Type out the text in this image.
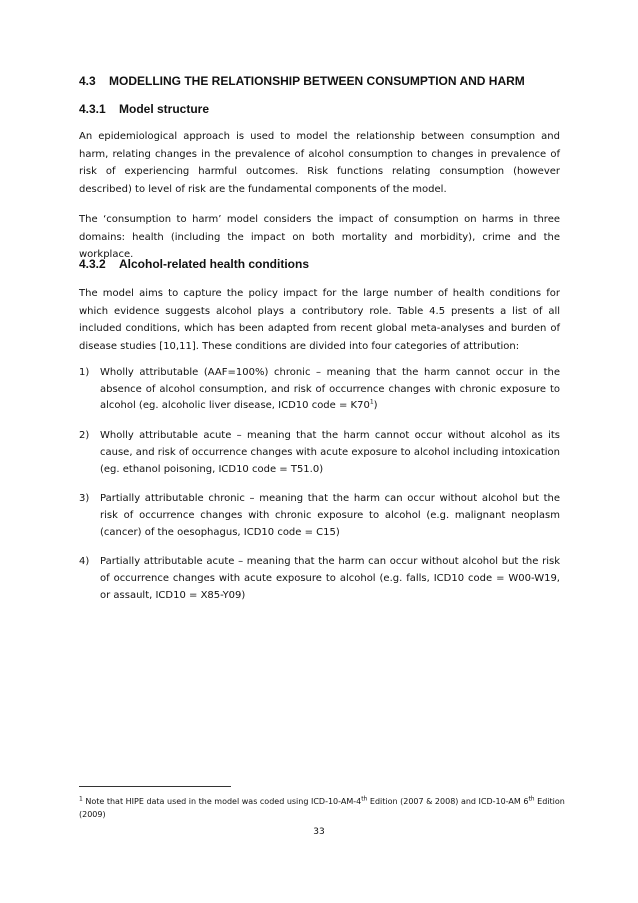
4.3 MODELLING THE RELATIONSHIP BETWEEN CONSUMPTION AND HARM
4.3.1 Model structure

An epidemiological approach is used to model the relationship between consumption and harm, relating changes in the prevalence of alcohol consumption to changes in prevalence of risk of experiencing harmful outcomes. Risk functions relating consumption (however described) to level of risk are the fundamental components of the model.

The ‘consumption to harm’ model considers the impact of consumption on harms in three domains: health (including the impact on both mortality and morbidity), crime and the workplace.

4.3.2 Alcohol-related health conditions

The model aims to capture the policy impact for the large number of health conditions for which evidence suggests alcohol plays a contributory role. Table 4.5 presents a list of all included conditions, which has been adapted from recent global meta-analyses and burden of disease studies [10,11]. These conditions are divided into four categories of attribution:

1) Wholly attributable (AAF=100%) chronic – meaning that the harm cannot occur in the absence of alcohol consumption, and risk of occurrence changes with chronic exposure to alcohol (eg. alcoholic liver disease, ICD10 code = $K70^1$)
2) Wholly attributable acute – meaning that the harm cannot occur without alcohol as its cause, and risk of occurrence changes with acute exposure to alcohol including intoxication (eg. ethanol poisoning, ICD10 code = T51.0)
3) Partially attributable chronic – meaning that the harm can occur without alcohol but the risk of occurrence changes with chronic exposure to alcohol (e.g. malignant neoplasm (cancer) of the oesophagus, ICD10 code = C15)
4) Partially attributable acute – meaning that the harm can occur without alcohol but the risk of occurrence changes with acute exposure to alcohol (e.g. falls, ICD10 code = W00-W19, or assault, ICD10 = X85-Y09)

$^1$ Note that HIPE data used in the model was coded using ICD-10-AM-4th Edition (2007 & 2008) and ICD-10-AM 6th Edition (2009)

33
